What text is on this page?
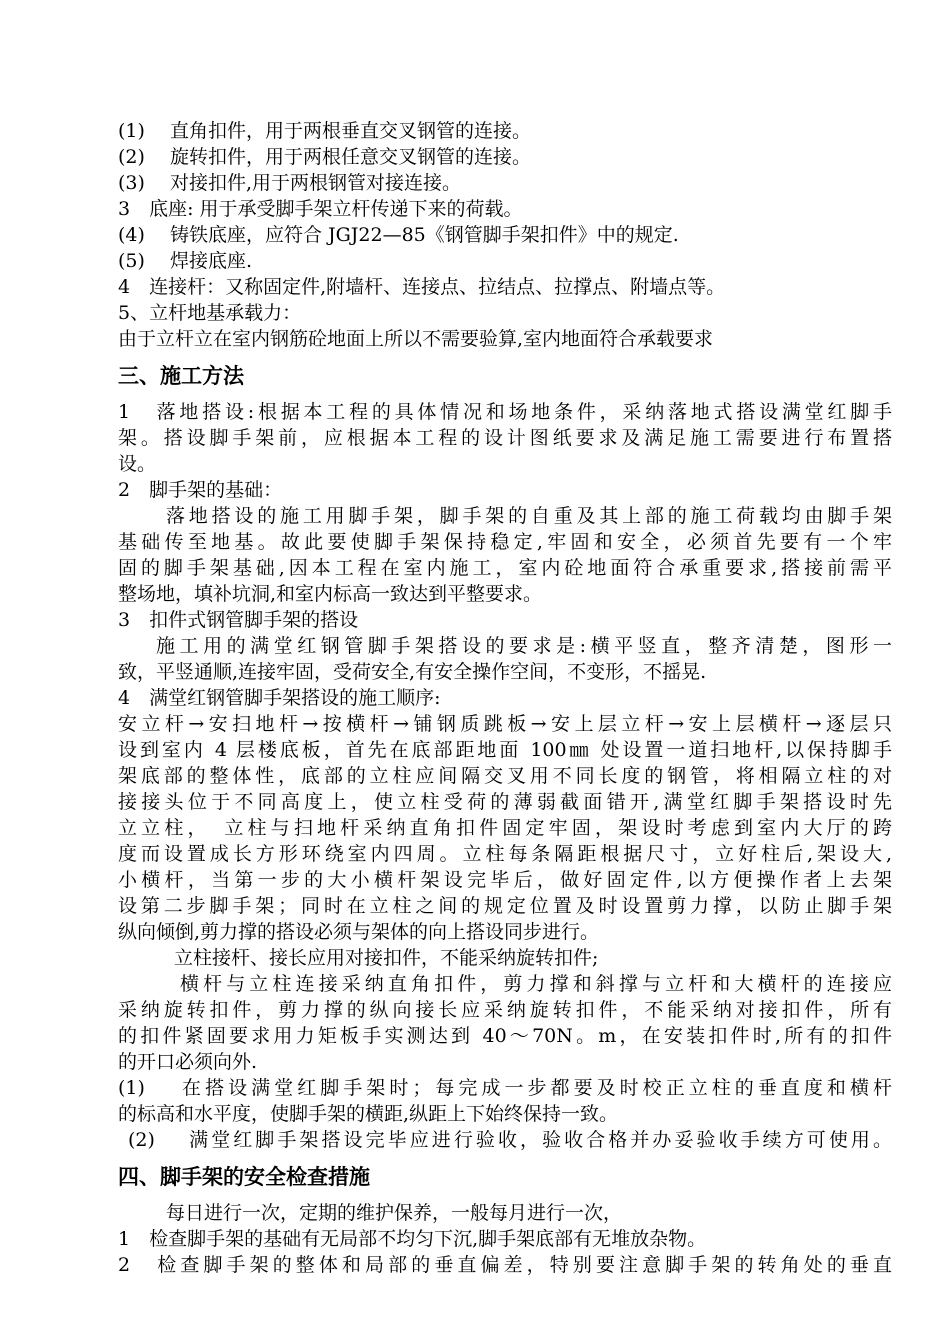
(1)　 直角扣件，用于两根垂直交叉钢管的连接。
(2)　 旋转扣件，用于两根任意交叉钢管的连接。
(3)　 对接扣件,用于两根钢管对接连接。
3　底座: 用于承受脚手架立杆传递下来的荷载。
(4)　 铸铁底座，应符合 JGJ22—85《钢管脚手架扣件》中的规定.
(5)　 焊接底座.
4　连接杆：又称固定件,附墙杆、连接点、拉结点、拉撑点、附墙点等。
5、立杆地基承载力：
由于立杆立在室内钢筋砼地面上所以不需要验算,室内地面符合承载要求
三、施工方法
1　落地搭设:根据本工程的具体情况和场地条件，采纳落地式搭设满堂红脚手
架。搭设脚手架前，应根据本工程的设计图纸要求及满足施工需要进行布置搭
设。
2　脚手架的基础：
落地搭设的施工用脚手架，脚手架的自重及其上部的施工荷载均由脚手架
基础传至地基。故此要使脚手架保持稳定,牢固和安全，必须首先要有一个牢
固的脚手架基础,因本工程在室内施工，室内砼地面符合承重要求,搭接前需平
整场地，填补坑洞,和室内标高一致达到平整要求。
3　扣件式钢管脚手架的搭设
施工用的满堂红钢管脚手架搭设的要求是:横平竖直，整齐清楚，图形一
致，平竖通顺,连接牢固，受荷安全,有安全操作空间，不变形，不摇晃.
4　满堂红钢管脚手架搭设的施工顺序:
安立杆→安扫地杆→按横杆→铺钢质跳板→安上层立杆→安上层横杆→逐层只
设到室内 4 层楼底板，首先在底部距地面 100㎜ 处设置一道扫地杆,以保持脚手
架底部的整体性，底部的立柱应间隔交叉用不同长度的钢管，将相隔立柱的对
接接头位于不同高度上，使立柱受荷的薄弱截面错开,满堂红脚手架搭设时先
立立柱，　立柱与扫地杆采纳直角扣件固定牢固，架设时考虑到室内大厅的跨
度而设置成长方形环绕室内四周。立柱每条隔距根据尺寸，立好柱后,架设大,
小横杆，当第一步的大小横杆架设完毕后，做好固定件,以方便操作者上去架
设第二步脚手架；同时在立柱之间的规定位置及时设置剪力撑，以防止脚手架
纵向倾倒,剪力撑的搭设必须与架体的向上搭设同步进行。
立柱接杆、接长应用对接扣件，不能采纳旋转扣件;
横杆与立柱连接采纳直角扣件，剪力撑和斜撑与立杆和大横杆的连接应
采纳旋转扣件，剪力撑的纵向接长应采纳旋转扣件，不能采纳对接扣件，所有
的扣件紧固要求用力矩板手实测达到 40～70N。m，在安装扣件时,所有的扣件
的开口必须向外.
(1)　 在搭设满堂红脚手架时；每完成一步都要及时校正立柱的垂直度和横杆
的标高和水平度，使脚手架的横距,纵距上下始终保持一致。
(2)　 满堂红脚手架搭设完毕应进行验收，验收合格并办妥验收手续方可使用。
四、脚手架的安全检查措施
每日进行一次，定期的维护保养，一般每月进行一次，
1　检查脚手架的基础有无局部不均匀下沉,脚手架底部有无堆放杂物。
2　检查脚手架的整体和局部的垂直偏差，特别要注意脚手架的转角处的垂直
